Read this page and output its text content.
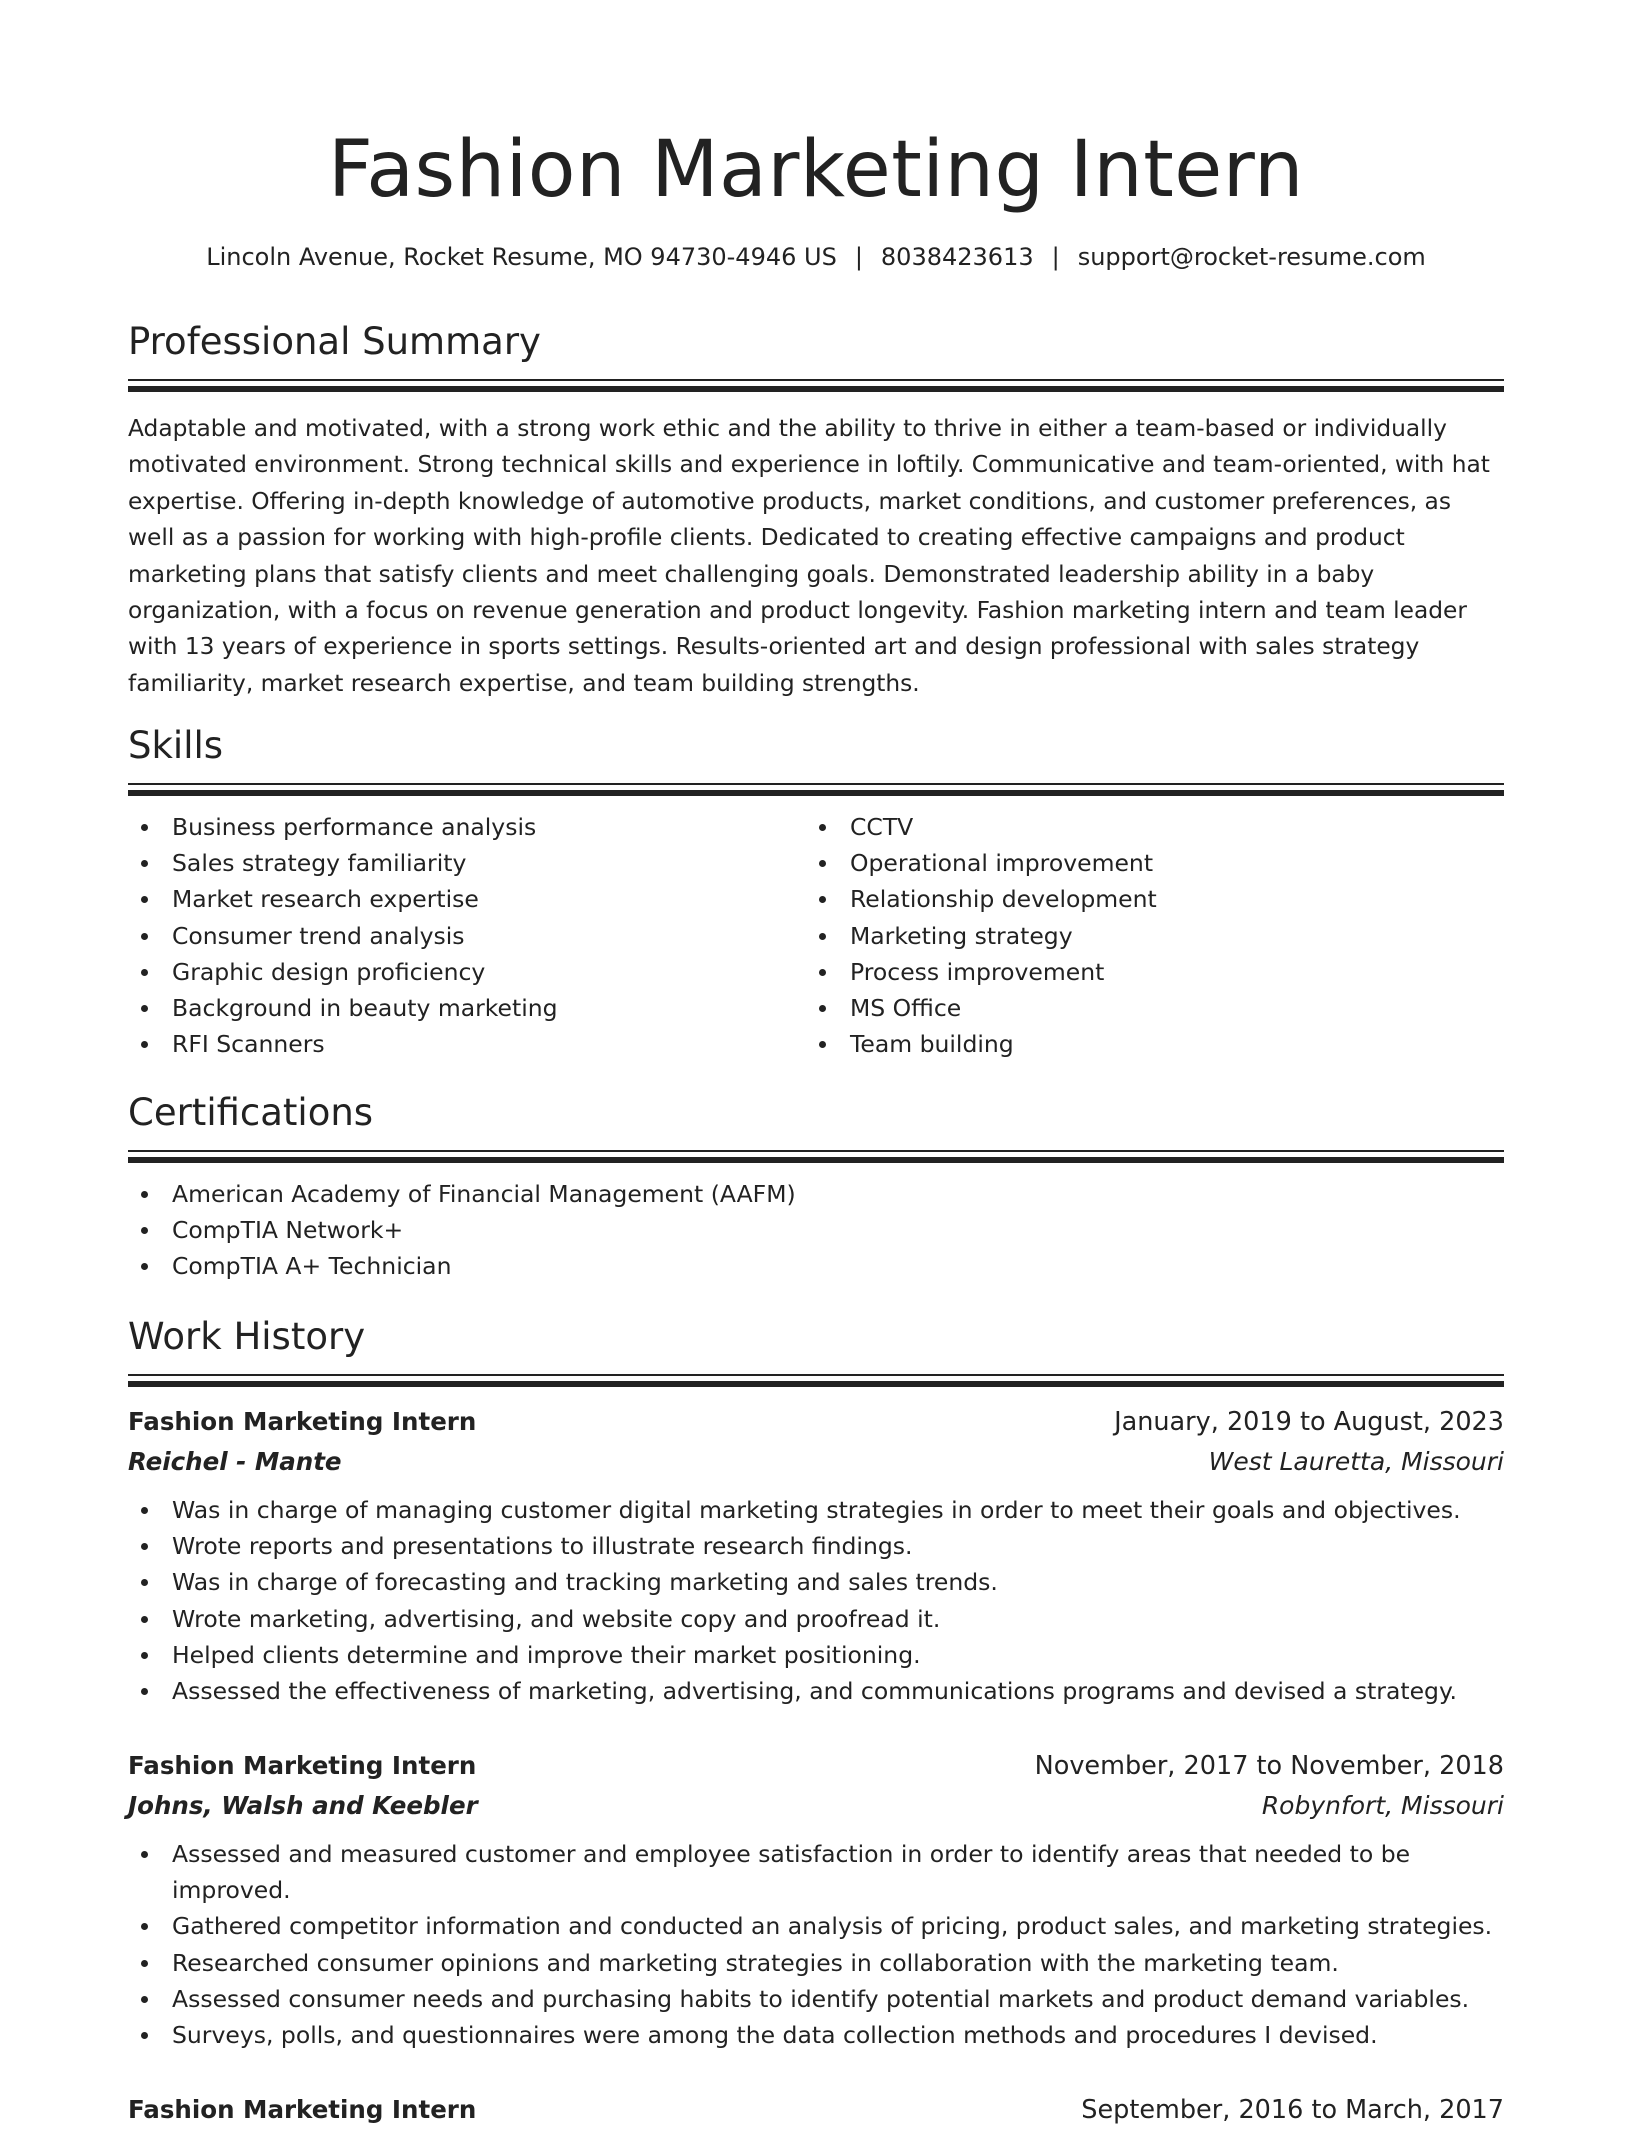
Fashion Marketing Intern
Lincoln Avenue, Rocket Resume, MO 94730-4946 US | 8038423613 | support@rocket-resume.com
Professional Summary

Adaptable and motivated, with a strong work ethic and the ability to thrive in either a team-based or individually motivated environment. Strong technical skills and experience in loftily. Communicative and team-oriented, with hat expertise. Offering in-depth knowledge of automotive products, market conditions, and customer preferences, as well as a passion for working with high-profile clients. Dedicated to creating effective campaigns and product marketing plans that satisfy clients and meet challenging goals. Demonstrated leadership ability in a baby organization, with a focus on revenue generation and product longevity. Fashion marketing intern and team leader with 13 years of experience in sports settings. Results-oriented art and design professional with sales strategy familiarity, market research expertise, and team building strengths.

Skills
Business performance analysis
Sales strategy familiarity
Market research expertise
Consumer trend analysis
Graphic design proficiency
Background in beauty marketing
RFI Scanners
CCTV
Operational improvement
Relationship development
Marketing strategy
Process improvement
MS Office
Team building
Certifications
American Academy of Financial Management (AAFM)
CompTIA Network+
CompTIA A+ Technician
Work History
Fashion Marketing Intern	January, 2019 to August, 2023
Reichel - Mante	West Lauretta, Missouri
Was in charge of managing customer digital marketing strategies in order to meet their goals and objectives.
Wrote reports and presentations to illustrate research findings.
Was in charge of forecasting and tracking marketing and sales trends.
Wrote marketing, advertising, and website copy and proofread it.
Helped clients determine and improve their market positioning.
Assessed the effectiveness of marketing, advertising, and communications programs and devised a strategy.
Fashion Marketing Intern	November, 2017 to November, 2018
Johns, Walsh and Keebler	Robynfort, Missouri
Assessed and measured customer and employee satisfaction in order to identify areas that needed to be improved.
Gathered competitor information and conducted an analysis of pricing, product sales, and marketing strategies.
Researched consumer opinions and marketing strategies in collaboration with the marketing team.
Assessed consumer needs and purchasing habits to identify potential markets and product demand variables.
Surveys, polls, and questionnaires were among the data collection methods and procedures I devised.
Fashion Marketing Intern	September, 2016 to March, 2017
